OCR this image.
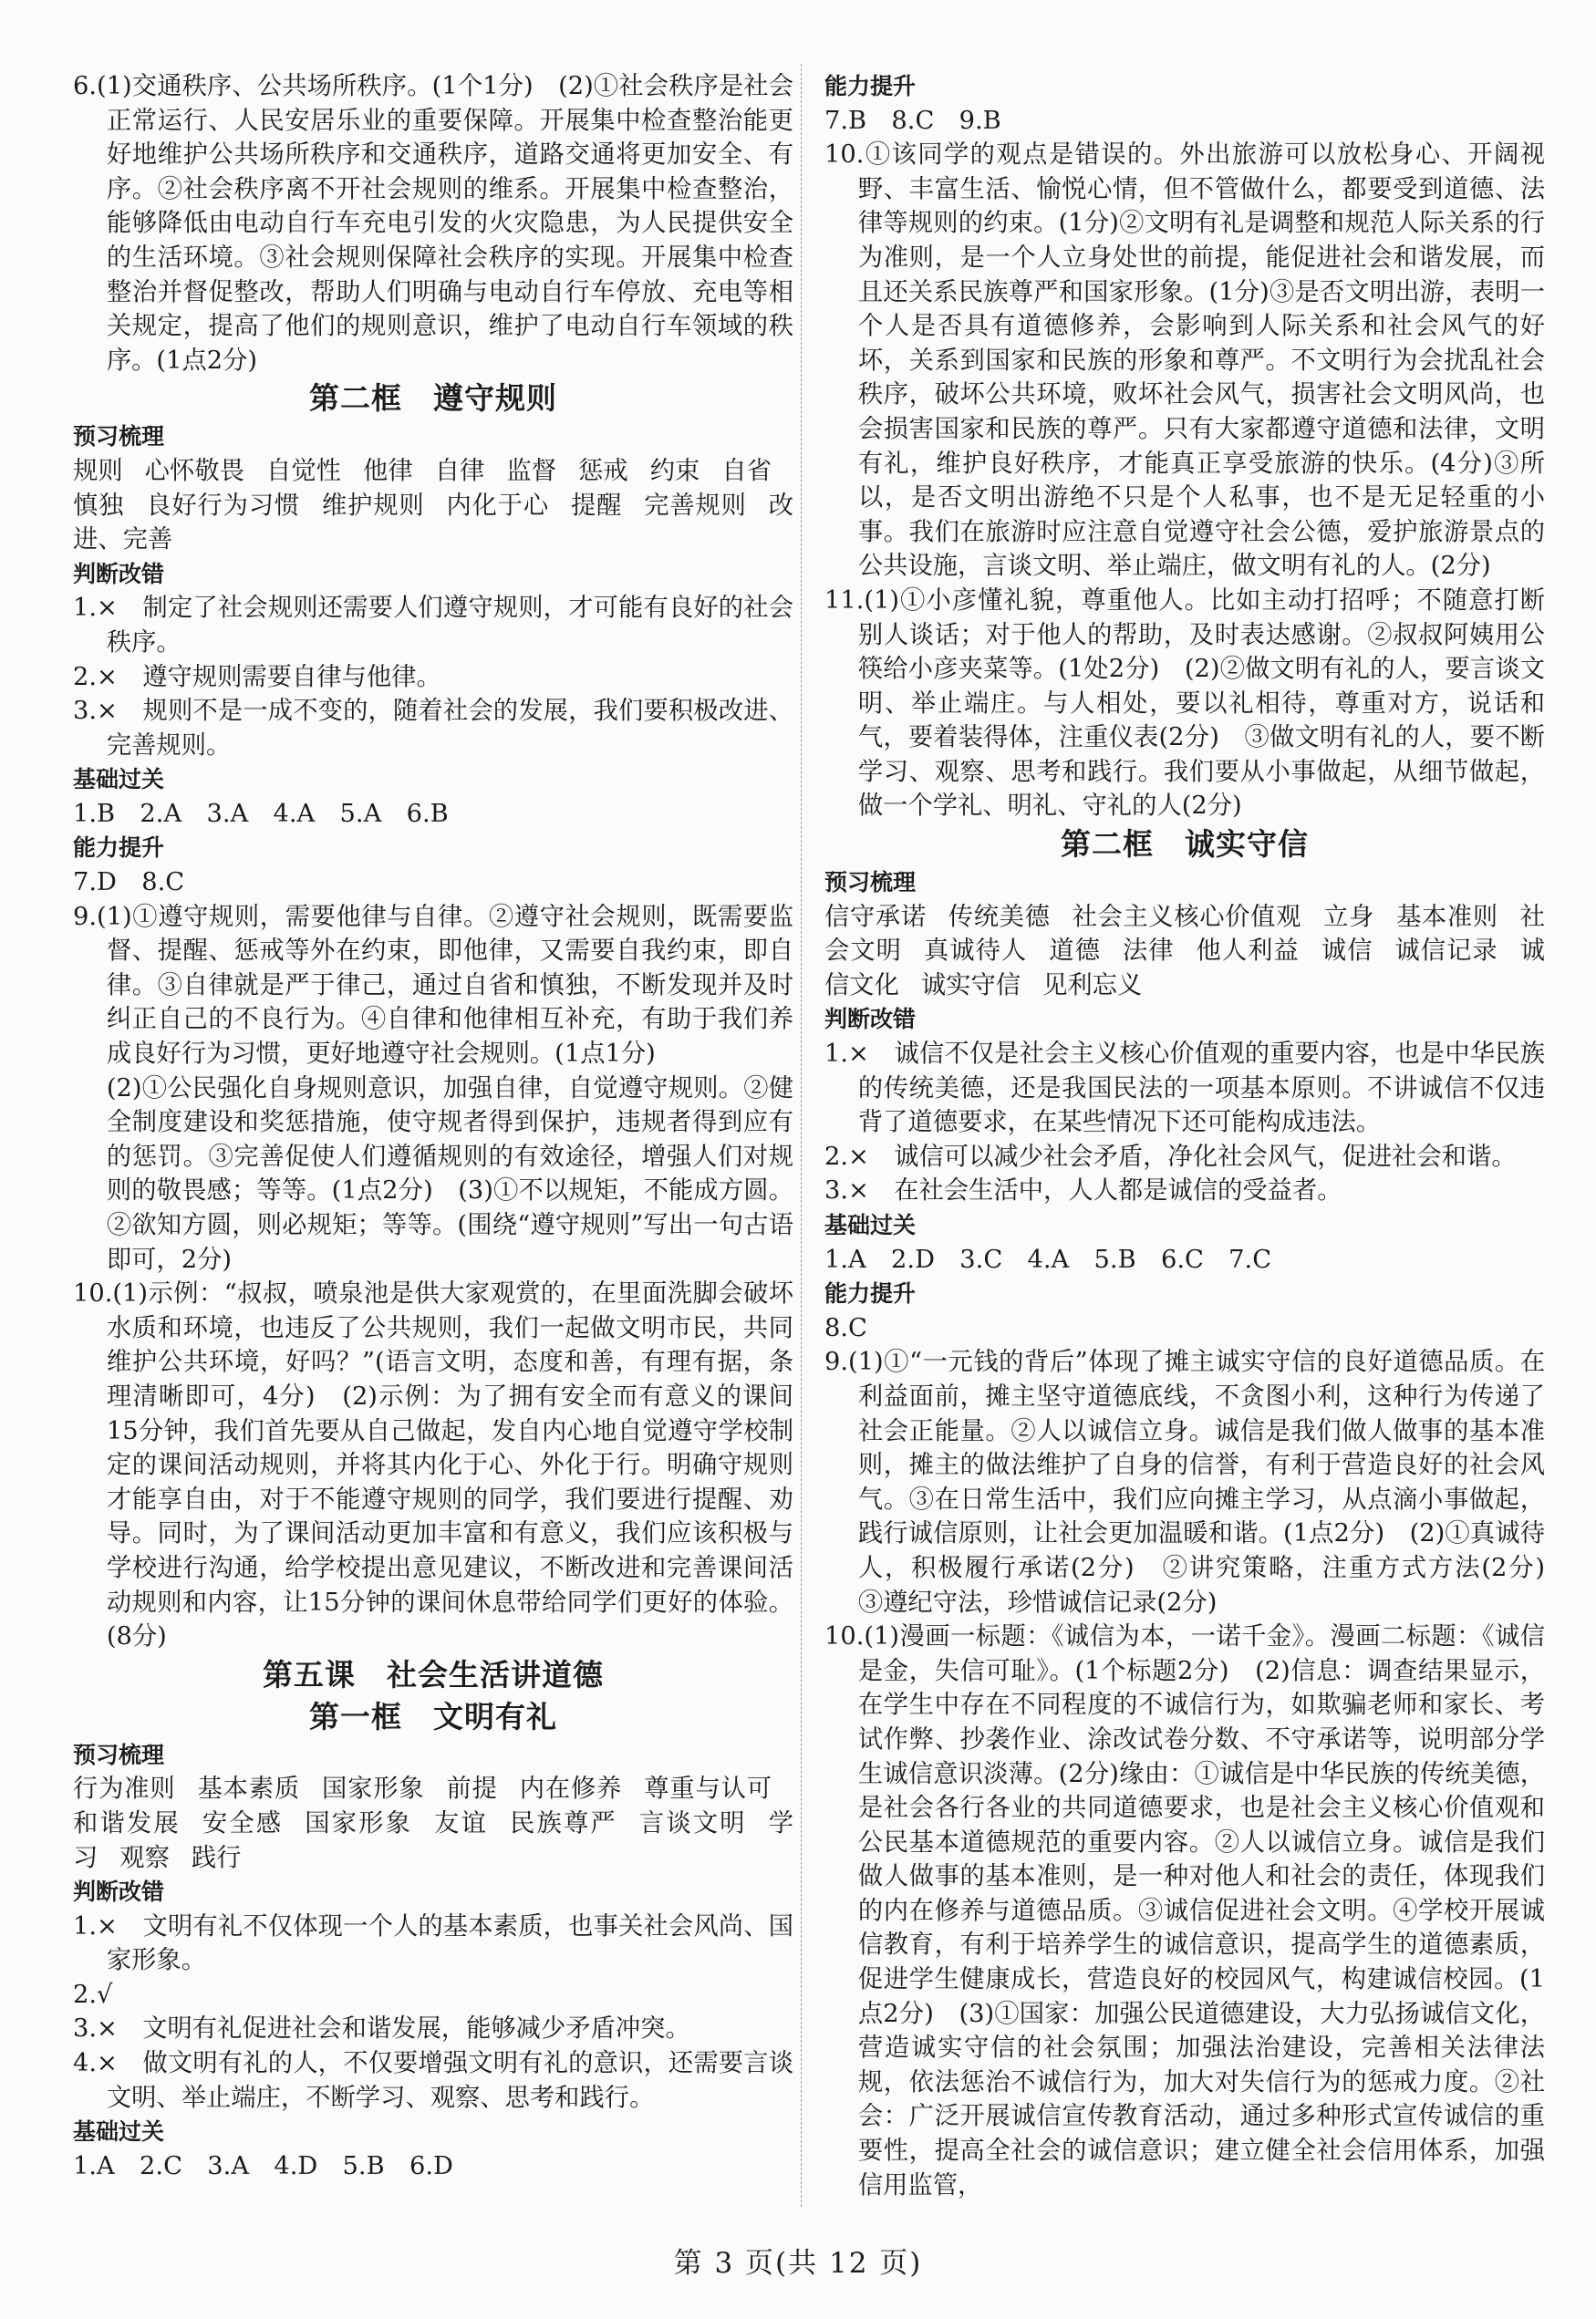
6.(1)交通秩序、公共场所秩序。(1个1分)　(2)①社会秩序是社会正常运行、人民安居乐业的重要保障。开展集中检查整治能更好地维护公共场所秩序和交通秩序，道路交通将更加安全、有序。②社会秩序离不开社会规则的维系。开展集中检查整治，能够降低由电动自行车充电引发的火灾隐患，为人民提供安全的生活环境。③社会规则保障社会秩序的实现。开展集中检查整治并督促整改，帮助人们明确与电动自行车停放、充电等相关规定，提高了他们的规则意识，维护了电动自行车领域的秩序。(1点2分)

第二框　遵守规则

预习梳理

规则 心怀敬畏 自觉性 他律 自律 监督 惩戒 约束 自省慎独 良好行为习惯 维护规则 内化于心 提醒 完善规则 改进、完善

判断改错

1.×　制定了社会规则还需要人们遵守规则，才可能有良好的社会秩序。

2.×　遵守规则需要自律与他律。

3.×　规则不是一成不变的，随着社会的发展，我们要积极改进、完善规则。

基础过关

1.B　2.A　3.A　4.A　5.A　6.B

能力提升

7.D　8.C

9.(1)①遵守规则，需要他律与自律。②遵守社会规则，既需要监督、提醒、惩戒等外在约束，即他律，又需要自我约束，即自律。③自律就是严于律己，通过自省和慎独，不断发现并及时纠正自己的不良行为。④自律和他律相互补充，有助于我们养成良好行为习惯，更好地遵守社会规则。(1点1分)

(2)①公民强化自身规则意识，加强自律，自觉遵守规则。②健全制度建设和奖惩措施，使守规者得到保护，违规者得到应有的惩罚。③完善促使人们遵循规则的有效途径，增强人们对规则的敬畏感；等等。(1点2分)　(3)①不以规矩，不能成方圆。②欲知方圆，则必规矩；等等。(围绕“遵守规则”写出一句古语即可，2分)

10.(1)示例：“叔叔，喷泉池是供大家观赏的，在里面洗脚会破坏水质和环境，也违反了公共规则，我们一起做文明市民，共同维护公共环境，好吗？”(语言文明，态度和善，有理有据，条理清晰即可，4分)　(2)示例：为了拥有安全而有意义的课间15分钟，我们首先要从自己做起，发自内心地自觉遵守学校制定的课间活动规则，并将其内化于心、外化于行。明确守规则才能享自由，对于不能遵守规则的同学，我们要进行提醒、劝导。同时，为了课间活动更加丰富和有意义，我们应该积极与学校进行沟通，给学校提出意见建议，不断改进和完善课间活动规则和内容，让15分钟的课间休息带给同学们更好的体验。(8分)

第五课　社会生活讲道德

第一框　文明有礼

预习梳理

行为准则 基本素质 国家形象 前提 内在修养 尊重与认可和谐发展 安全感 国家形象 友谊 民族尊严 言谈文明 学习 观察 践行

判断改错

1.×　文明有礼不仅体现一个人的基本素质，也事关社会风尚、国家形象。

2.√

3.×　文明有礼促进社会和谐发展，能够减少矛盾冲突。

4.×　做文明有礼的人，不仅要增强文明有礼的意识，还需要言谈文明、举止端庄，不断学习、观察、思考和践行。

基础过关

1.A　2.C　3.A　4.D　5.B　6.D

能力提升

7.B　8.C　9.B

10.①该同学的观点是错误的。外出旅游可以放松身心、开阔视野、丰富生活、愉悦心情，但不管做什么，都要受到道德、法律等规则的约束。(1分)②文明有礼是调整和规范人际关系的行为准则，是一个人立身处世的前提，能促进社会和谐发展，而且还关系民族尊严和国家形象。(1分)③是否文明出游，表明一个人是否具有道德修养，会影响到人际关系和社会风气的好坏，关系到国家和民族的形象和尊严。不文明行为会扰乱社会秩序，破坏公共环境，败坏社会风气，损害社会文明风尚，也会损害国家和民族的尊严。只有大家都遵守道德和法律，文明有礼，维护良好秩序，才能真正享受旅游的快乐。(4分)③所以，是否文明出游绝不只是个人私事，也不是无足轻重的小事。我们在旅游时应注意自觉遵守社会公德，爱护旅游景点的公共设施，言谈文明、举止端庄，做文明有礼的人。(2分)

11.(1)①小彦懂礼貌，尊重他人。比如主动打招呼；不随意打断别人谈话；对于他人的帮助，及时表达感谢。②叔叔阿姨用公筷给小彦夹菜等。(1处2分)　(2)②做文明有礼的人，要言谈文明、举止端庄。与人相处，要以礼相待，尊重对方，说话和气，要着装得体，注重仪表(2分)　③做文明有礼的人，要不断学习、观察、思考和践行。我们要从小事做起，从细节做起，做一个学礼、明礼、守礼的人(2分)

第二框　诚实守信

预习梳理

信守承诺 传统美德 社会主义核心价值观 立身 基本准则 社会文明 真诚待人 道德 法律 他人利益 诚信 诚信记录 诚信文化 诚实守信 见利忘义

判断改错

1.×　诚信不仅是社会主义核心价值观的重要内容，也是中华民族的传统美德，还是我国民法的一项基本原则。不讲诚信不仅违背了道德要求，在某些情况下还可能构成违法。

2.×　诚信可以减少社会矛盾，净化社会风气，促进社会和谐。

3.×　在社会生活中，人人都是诚信的受益者。

基础过关

1.A　2.D　3.C　4.A　5.B　6.C　7.C

能力提升

8.C

9.(1)①“一元钱的背后”体现了摊主诚实守信的良好道德品质。在利益面前，摊主坚守道德底线，不贪图小利，这种行为传递了社会正能量。②人以诚信立身。诚信是我们做人做事的基本准则，摊主的做法维护了自身的信誉，有利于营造良好的社会风气。③在日常生活中，我们应向摊主学习，从点滴小事做起，践行诚信原则，让社会更加温暖和谐。(1点2分)　(2)①真诚待人，积极履行承诺(2分)　②讲究策略，注重方式方法(2分)　③遵纪守法，珍惜诚信记录(2分)

10.(1)漫画一标题：《诚信为本，一诺千金》。漫画二标题：《诚信是金，失信可耻》。(1个标题2分)　(2)信息：调查结果显示，在学生中存在不同程度的不诚信行为，如欺骗老师和家长、考试作弊、抄袭作业、涂改试卷分数、不守承诺等，说明部分学生诚信意识淡薄。(2分)缘由：①诚信是中华民族的传统美德，是社会各行各业的共同道德要求，也是社会主义核心价值观和公民基本道德规范的重要内容。②人以诚信立身。诚信是我们做人做事的基本准则，是一种对他人和社会的责任，体现我们的内在修养与道德品质。③诚信促进社会文明。④学校开展诚信教育，有利于培养学生的诚信意识，提高学生的道德素质，促进学生健康成长，营造良好的校园风气，构建诚信校园。(1点2分)　(3)①国家：加强公民道德建设，大力弘扬诚信文化，营造诚实守信的社会氛围；加强法治建设，完善相关法律法规，依法惩治不诚信行为，加大对失信行为的惩戒力度。②社会：广泛开展诚信宣传教育活动，通过多种形式宣传诚信的重要性，提高全社会的诚信意识；建立健全社会信用体系，加强信用监管，

第 3 页(共 12 页)
